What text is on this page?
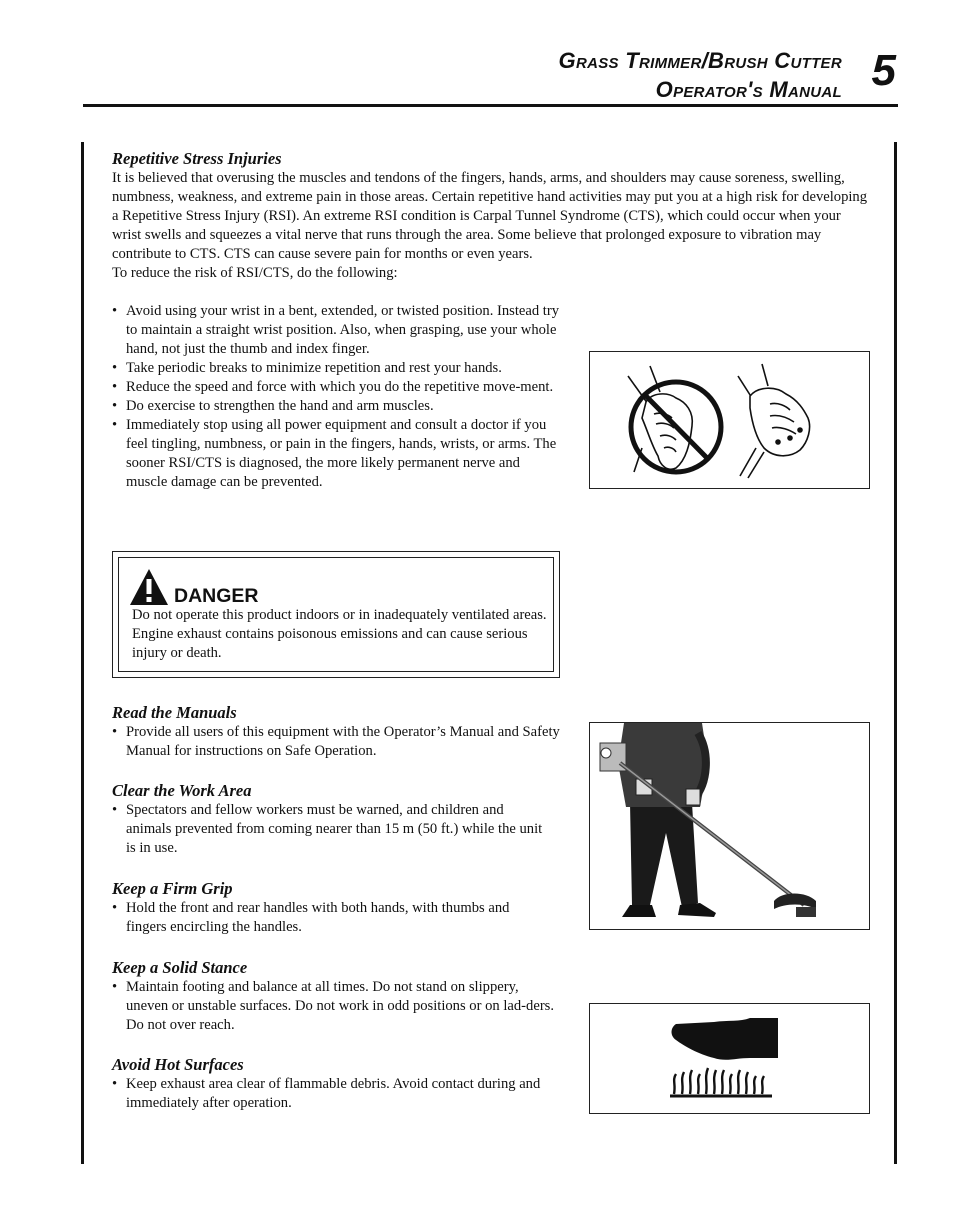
Grass Trimmer/Brush Cutter
Operator's Manual 5
Repetitive Stress Injuries

It is believed that overusing the muscles and tendons of the fingers, hands, arms, and shoulders may cause soreness, swelling, numbness, weakness, and extreme pain in those areas. Certain repetitive hand activities may put you at a high risk for developing a Repetitive Stress Injury (RSI). An extreme RSI condition is Carpal Tunnel Syndrome (CTS), which could occur when your wrist swells and squeezes a vital nerve that runs through the area. Some believe that prolonged exposure to vibration may contribute to CTS. CTS can cause severe pain for months or even years.

To reduce the risk of RSI/CTS, do the following:

• Avoid using your wrist in a bent, extended, or twisted position. Instead try to maintain a straight wrist position. Also, when grasping, use your whole hand, not just the thumb and index finger.
• Take periodic breaks to minimize repetition and rest your hands.
• Reduce the speed and force with which you do the repetitive move-ment.
• Do exercise to strengthen the hand and arm muscles.
• Immediately stop using all power equipment and consult a doctor if you feel tingling, numbness, or pain in the fingers, hands, wrists, or arms. The sooner RSI/CTS is diagnosed, the more likely permanent nerve and muscle damage can be prevented.
DANGER
Do not operate this product indoors or in inadequately ventilated areas. Engine exhaust contains poisonous emissions and can cause serious injury or death.
Read the Manuals
• Provide all users of this equipment with the Operator’s Manual and Safety Manual for instructions on Safe Operation.
Clear the Work Area
• Spectators and fellow workers must be warned, and children and animals prevented from coming nearer than 15 m (50 ft.) while the unit is in use.
Keep a Firm Grip
• Hold the front and rear handles with both hands, with thumbs and fingers encircling the handles.
Keep a Solid Stance
• Maintain footing and balance at all times. Do not stand on slippery, uneven or unstable surfaces. Do not work in odd positions or on lad-ders. Do not over reach.
Avoid Hot Surfaces
• Keep exhaust area clear of flammable debris. Avoid contact during and immediately after operation.
